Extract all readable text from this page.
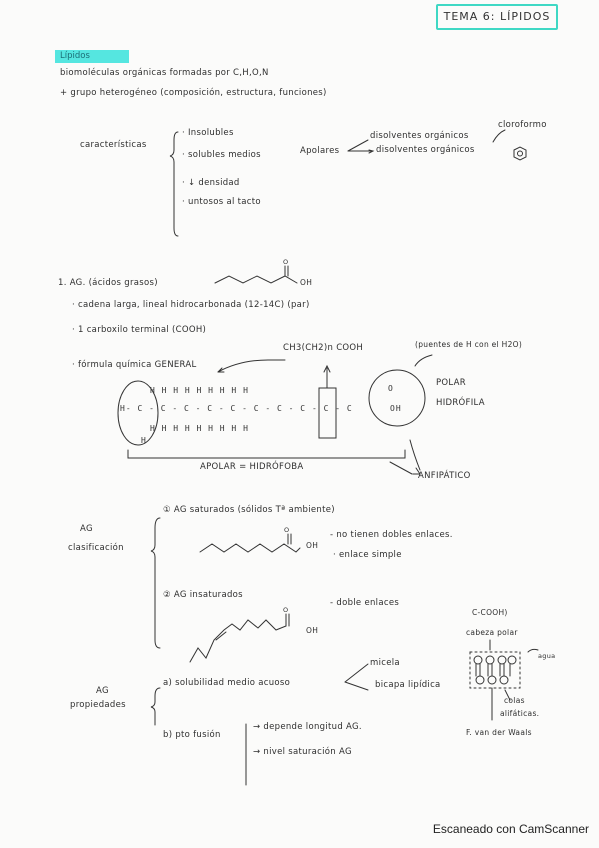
TEMA 6: LÍPIDOS
Lípidos
biomoléculas orgánicas formadas por C,H,O,N
+ grupo heterogéneo (composición, estructura, funciones)
características
· Insolubles
· solubles medios
· ↓ densidad
· untosos al tacto
Apolares
disolventes orgánicos
disolventes orgánicos
cloroformo
1. AG. (ácidos grasos)
O
OH
· cadena larga, lineal hidrocarbonada (12-14C) (par)
· 1 carboxilo terminal (COOH)
· fórmula química GENERAL
CH3(CH2)n COOH	(puentes de H con el H2O)
H H H H H H H H H
H- C - C - C - C - C - C - C - C - C - C
H H H H H H H H H
H
O
OH
POLAR
HIDRÓFILA
APOLAR = HIDRÓFOBA
ANFIPÁTICO
AG
clasificación
① AG saturados (sólidos Tª ambiente)
- no tienen dobles enlaces.
· enlace simple
O
OH
② AG insaturados
- doble enlaces
O
OH
AG
propiedades
a) solubilidad medio acuoso
micela
bicapa lipídica
b) pto fusión
→ depende longitud AG.
→ nivel saturación AG
C-COOH)
cabeza polar
agua
colas
alifáticas.
F. van der Waals
Escaneado con CamScanner
